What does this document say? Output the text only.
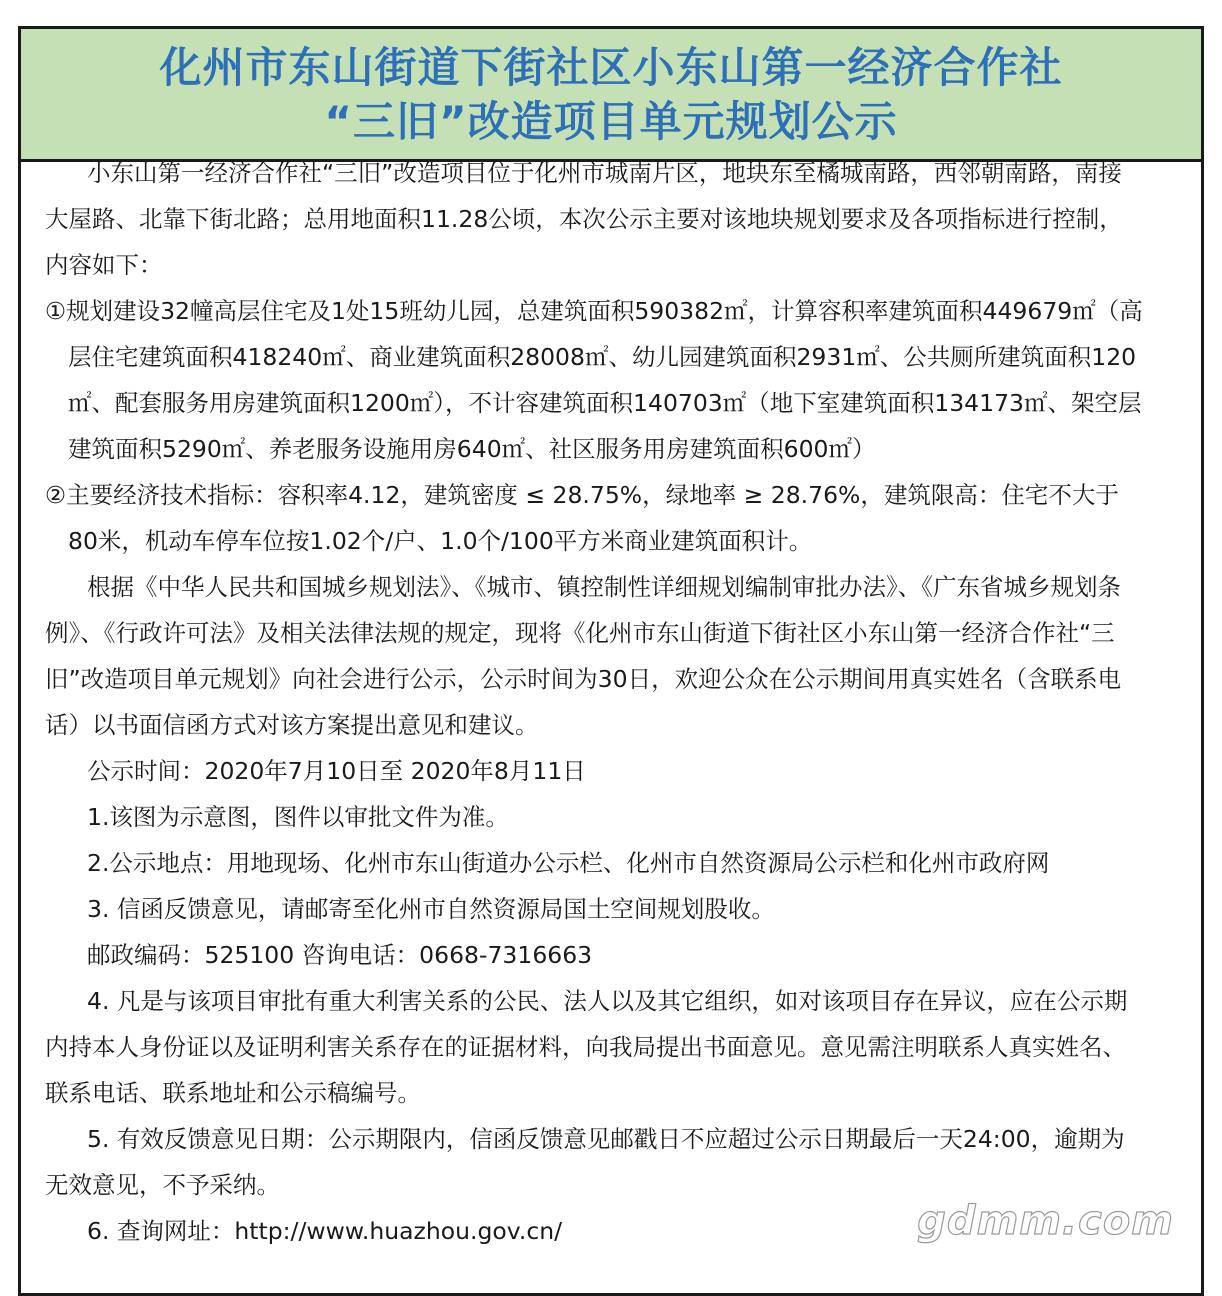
化州市东山街道下街社区小东山第一经济合作社
“三旧”改造项目单元规划公示

小东山第一经济合作社“三旧”改造项目位于化州市城南片区，地块东至橘城南路，西邻朝南路，南接大屋路、北靠下街北路；总用地面积11.28公顷，本次公示主要对该地块规划要求及各项指标进行控制，内容如下：

①规划建设32幢高层住宅及1处15班幼儿园，总建筑面积590382㎡，计算容积率建筑面积449679㎡（高层住宅建筑面积418240㎡、商业建筑面积28008㎡、幼儿园建筑面积2931㎡、公共厕所建筑面积120㎡、配套服务用房建筑面积1200㎡），不计容建筑面积140703㎡（地下室建筑面积134173㎡、架空层建筑面积5290㎡、养老服务设施用房640㎡、社区服务用房建筑面积600㎡）

②主要经济技术指标：容积率4.12，建筑密度 ≤ 28.75%，绿地率 ≥ 28.76%，建筑限高：住宅不大于80米，机动车停车位按1.02个/户、1.0个/100平方米商业建筑面积计。

根据《中华人民共和国城乡规划法》、《城市、镇控制性详细规划编制审批办法》、《广东省城乡规划条例》、《行政许可法》及相关法律法规的规定，现将《化州市东山街道下街社区小东山第一经济合作社“三旧”改造项目单元规划》向社会进行公示，公示时间为30日，欢迎公众在公示期间用真实姓名（含联系电话）以书面信函方式对该方案提出意见和建议。

公示时间：2020年7月10日至 2020年8月11日

1.该图为示意图，图件以审批文件为准。

2.公示地点：用地现场、化州市东山街道办公示栏、化州市自然资源局公示栏和化州市政府网

3. 信函反馈意见，请邮寄至化州市自然资源局国土空间规划股收。

邮政编码：525100 咨询电话：0668-7316663

4. 凡是与该项目审批有重大利害关系的公民、法人以及其它组织，如对该项目存在异议，应在公示期内持本人身份证以及证明利害关系存在的证据材料，向我局提出书面意见。意见需注明联系人真实姓名、联系电话、联系地址和公示稿编号。

5. 有效反馈意见日期：公示期限内，信函反馈意见邮戳日不应超过公示日期最后一天24:00，逾期为无效意见，不予采纳。

6. 查询网址：http://www.huazhou.gov.cn/	gdmm.com
